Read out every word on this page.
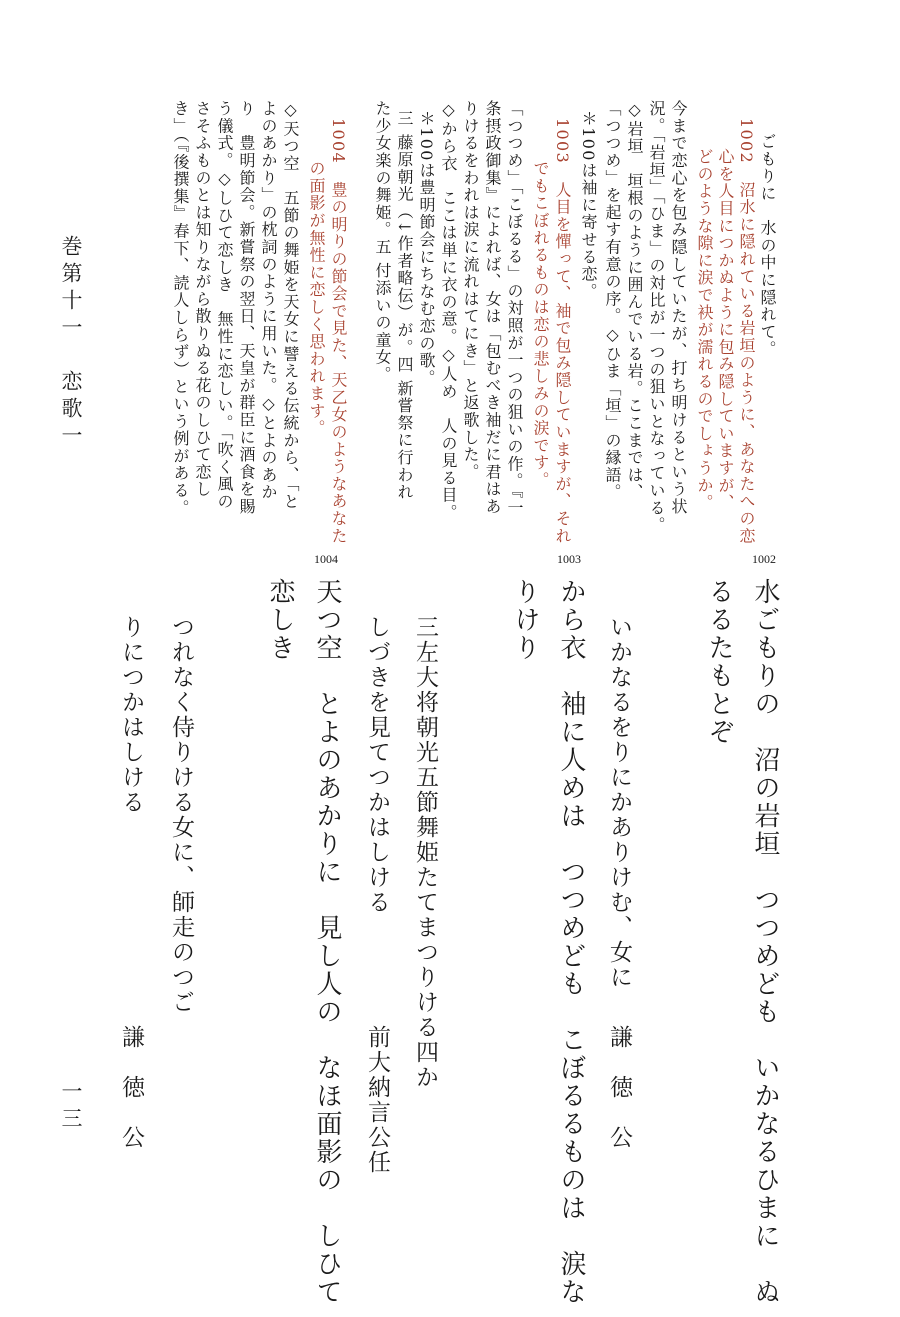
巻第十一　恋歌一
一三
ごもりに　水の中に隠れて。
1002　沼水に隠れている岩垣のように、あなたへの恋
心を人目につかぬように包み隠していますが、
どのような隙に涙で袂が濡れるのでしょうか。
今まで恋心を包み隠していたが、打ち明けるという状
況。「岩垣」「ひま」の対比が一つの狙いとなっている。
◇岩垣　垣根のように囲んでいる岩。ここまでは、
「つつめ」を起す有意の序。◇ひま「垣」の縁語。
＊100は袖に寄せる恋。
1003　人目を憚って、袖で包み隠していますが、それ
でもこぼれるものは恋の悲しみの涙です。
「つつめ」「こぼるる」の対照が一つの狙いの作。『一
条摂政御集』によれば、女は「包むべき袖だに君はあ
りけるをわれは涙に流れはてにき」と返歌した。
◇から衣　ここは単に衣の意。◇人め　人の見る目。
＊100は豊明節会にちなむ恋の歌。
三 藤原朝光（↓作者略伝）が。四 新嘗祭に行われ
た少女楽の舞姫。五 付添いの童女。
1004　豊の明りの節会で見た、天乙女のようなあなた
の面影が無性に恋しく思われます。
◇天つ空　五節の舞姫を天女に譬える伝統から、「と
よのあかり」の枕詞のように用いた。◇とよのあか
り　豊明節会。新嘗祭の翌日、天皇が群臣に酒食を賜
う儀式。◇しひて恋しき　無性に恋しい。「吹く風の
さそふものとは知りながら散りぬる花のしひて恋し
き」（『後撰集』春下、読人しらず）という例がある。
1002
1003
1004
水ごもりの　沼の岩垣　つつめども　いかなるひまに　ぬ
るるたもとぞ
いかなるをりにかありけむ、女に
謙　徳　公
から衣　袖に人めは　つつめども　こぼるるものは　涙な
りけり
三左大将朝光五節舞姫たてまつりける四か
しづきを見てつかはしける
前大納言公任
天つ空　とよのあかりに　見し人の　なほ面影の　しひて
恋しき
つれなく侍りける女に、師走のつご
りにつかはしける
謙　徳　公
